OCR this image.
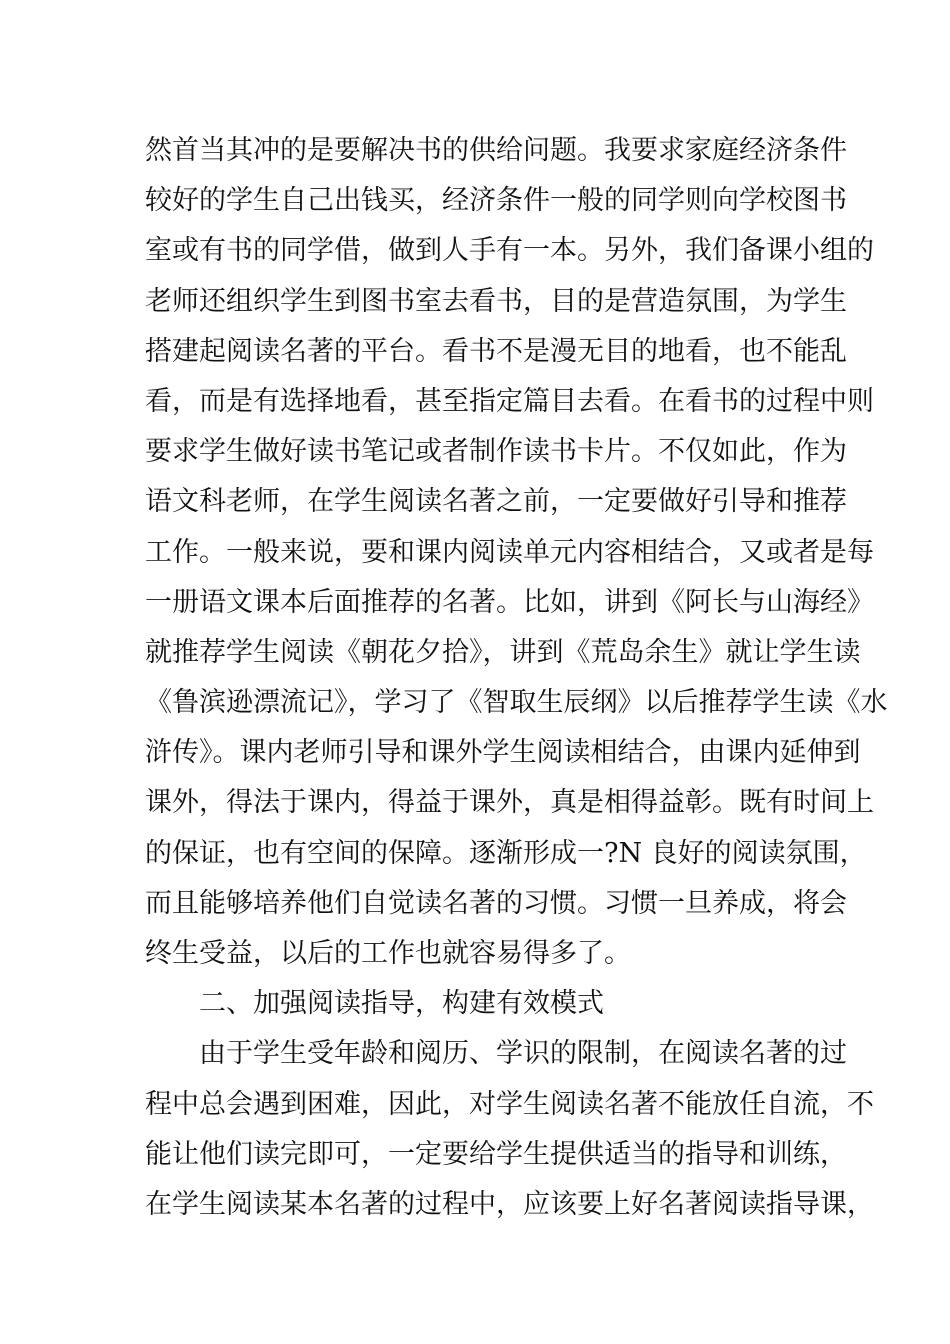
然首当其冲的是要解决书的供给问题。我要求家庭经济条件
较好的学生自己出钱买，经济条件一般的同学则向学校图书
室或有书的同学借，做到人手有一本。另外，我们备课小组的
老师还组织学生到图书室去看书，目的是营造氛围，为学生
搭建起阅读名著的平台。看书不是漫无目的地看，也不能乱
看，而是有选择地看，甚至指定篇目去看。在看书的过程中则
要求学生做好读书笔记或者制作读书卡片。不仅如此，作为
语文科老师，在学生阅读名著之前，一定要做好引导和推荐
工作。一般来说，要和课内阅读单元内容相结合，又或者是每
一册语文课本后面推荐的名著。比如，讲到《阿长与山海经》
就推荐学生阅读《朝花夕拾》，讲到《荒岛余生》就让学生读
《鲁滨逊漂流记》，学习了《智取生辰纲》以后推荐学生读《水
浒传》。课内老师引导和课外学生阅读相结合，由课内延伸到
课外，得法于课内，得益于课外，真是相得益彰。既有时间上
的保证，也有空间的保障。逐渐形成一?N 良好的阅读氛围，
而且能够培养他们自觉读名著的习惯。习惯一旦养成，将会
终生受益，以后的工作也就容易得多了。
二、加强阅读指导，构建有效模式
由于学生受年龄和阅历、学识的限制，在阅读名著的过
程中总会遇到困难，因此，对学生阅读名著不能放任自流，不
能让他们读完即可，一定要给学生提供适当的指导和训练，
在学生阅读某本名著的过程中，应该要上好名著阅读指导课，
